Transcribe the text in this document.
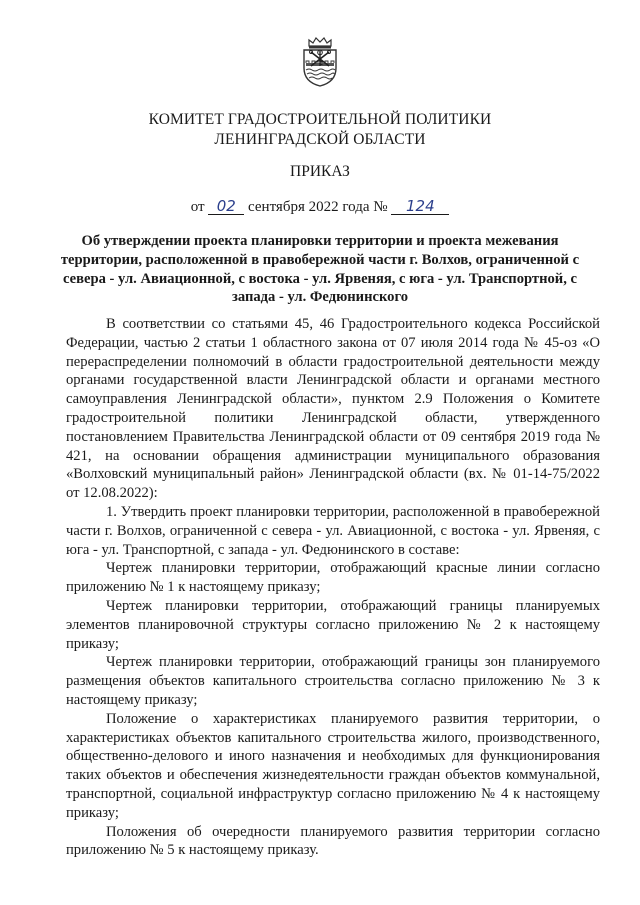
КОМИТЕТ ГРАДОСТРОИТЕЛЬНОЙ ПОЛИТИКИ
ЛЕНИНГРАДСКОЙ ОБЛАСТИ
ПРИКАЗ
от 02 сентября 2022 года № 124
Об утверждении проекта планировки территории и проекта межевания территории, расположенной в правобережной части г. Волхов, ограниченной с севера - ул. Авиационной, с востока - ул. Ярвеняя, с юга - ул. Транспортной, с запада - ул. Федюнинского

В соответствии со статьями 45, 46 Градостроительного кодекса Российской Федерации, частью 2 статьи 1 областного закона от 07 июля 2014 года № 45-оз «О перераспределении полномочий в области градостроительной деятельности между органами государственной власти Ленинградской области и органами местного самоуправления Ленинградской области», пунктом 2.9 Положения о Комитете градостроительной политики Ленинградской области, утвержденного постановлением Правительства Ленинградской области от 09 сентября 2019 года № 421, на основании обращения администрации муниципального образования «Волховский муниципальный район» Ленинградской области (вх. № 01-14-75/2022 от 12.08.2022):

1. Утвердить проект планировки территории, расположенной в правобережной части г. Волхов, ограниченной с севера - ул. Авиационной, с востока - ул. Ярвеняя, с юга - ул. Транспортной, с запада - ул. Федюнинского в составе:

Чертеж планировки территории, отображающий красные линии согласно приложению № 1 к настоящему приказу;

Чертеж планировки территории, отображающий границы планируемых элементов планировочной структуры согласно приложению № 2 к настоящему приказу;

Чертеж планировки территории, отображающий границы зон планируемого размещения объектов капитального строительства согласно приложению № 3 к настоящему приказу;

Положение о характеристиках планируемого развития территории, о характеристиках объектов капитального строительства жилого, производственного, общественно-делового и иного назначения и необходимых для функционирования таких объектов и обеспечения жизнедеятельности граждан объектов коммунальной, транспортной, социальной инфраструктур согласно приложению № 4 к настоящему приказу;

Положения об очередности планируемого развития территории согласно приложению № 5 к настоящему приказу.
